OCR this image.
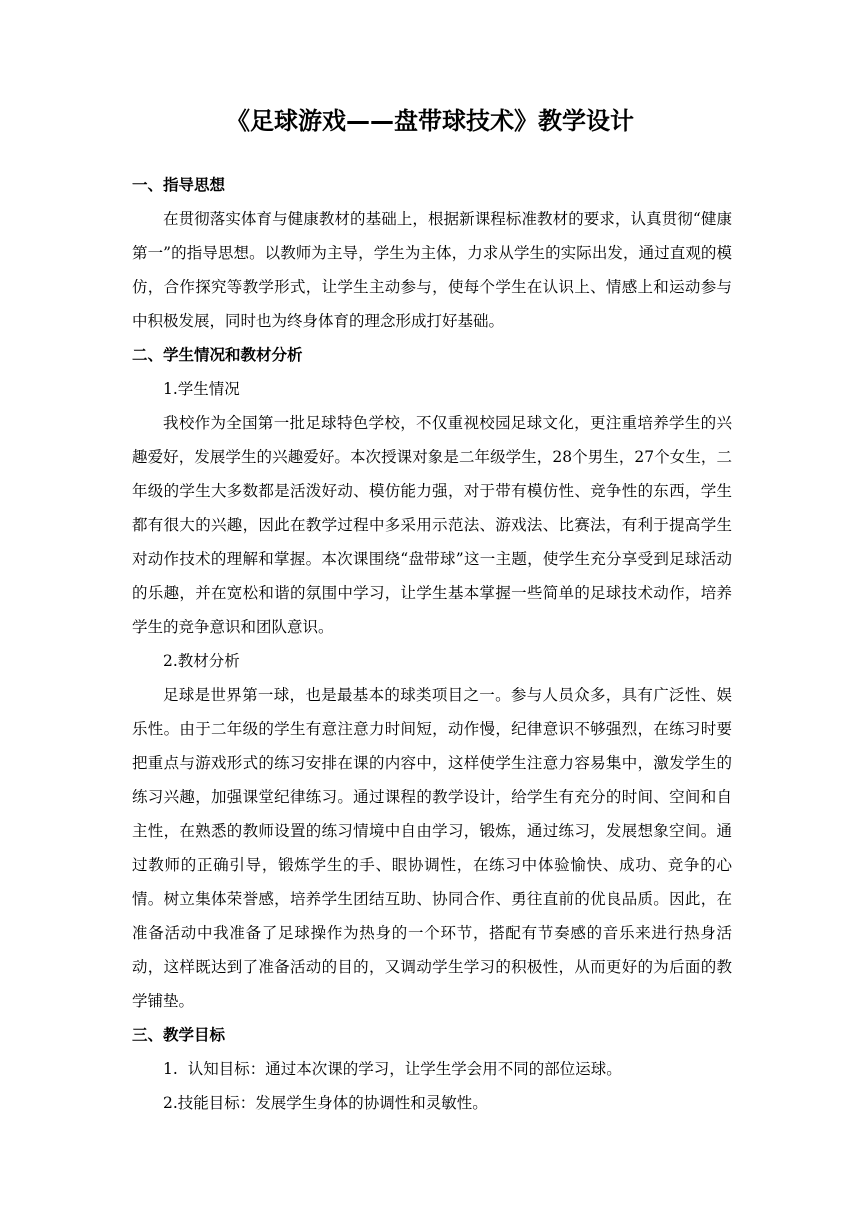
《足球游戏——盘带球技术》教学设计
一、指导思想

在贯彻落实体育与健康教材的基础上，根据新课程标准教材的要求，认真贯彻“健康第一”的指导思想。以教师为主导，学生为主体，力求从学生的实际出发，通过直观的模仿，合作探究等教学形式，让学生主动参与，使每个学生在认识上、情感上和运动参与中积极发展，同时也为终身体育的理念形成打好基础。

二、学生情况和教材分析

1.学生情况

我校作为全国第一批足球特色学校，不仅重视校园足球文化，更注重培养学生的兴趣爱好，发展学生的兴趣爱好。本次授课对象是二年级学生，28个男生，27个女生，二年级的学生大多数都是活泼好动、模仿能力强，对于带有模仿性、竞争性的东西，学生都有很大的兴趣，因此在教学过程中多采用示范法、游戏法、比赛法，有利于提高学生对动作技术的理解和掌握。本次课围绕“盘带球”这一主题，使学生充分享受到足球活动的乐趣，并在宽松和谐的氛围中学习，让学生基本掌握一些简单的足球技术动作，培养学生的竞争意识和团队意识。

2.教材分析

足球是世界第一球，也是最基本的球类项目之一。参与人员众多，具有广泛性、娱乐性。由于二年级的学生有意注意力时间短，动作慢，纪律意识不够强烈，在练习时要把重点与游戏形式的练习安排在课的内容中，这样使学生注意力容易集中，激发学生的练习兴趣，加强课堂纪律练习。通过课程的教学设计，给学生有充分的时间、空间和自主性，在熟悉的教师设置的练习情境中自由学习，锻炼，通过练习，发展想象空间。通过教师的正确引导，锻炼学生的手、眼协调性，在练习中体验愉快、成功、竞争的心情。树立集体荣誉感，培养学生团结互助、协同合作、勇往直前的优良品质。因此，在准备活动中我准备了足球操作为热身的一个环节，搭配有节奏感的音乐来进行热身活动，这样既达到了准备活动的目的，又调动学生学习的积极性，从而更好的为后面的教学铺垫。

三、教学目标

1. 认知目标：通过本次课的学习，让学生学会用不同的部位运球。

2.技能目标：发展学生身体的协调性和灵敏性。
